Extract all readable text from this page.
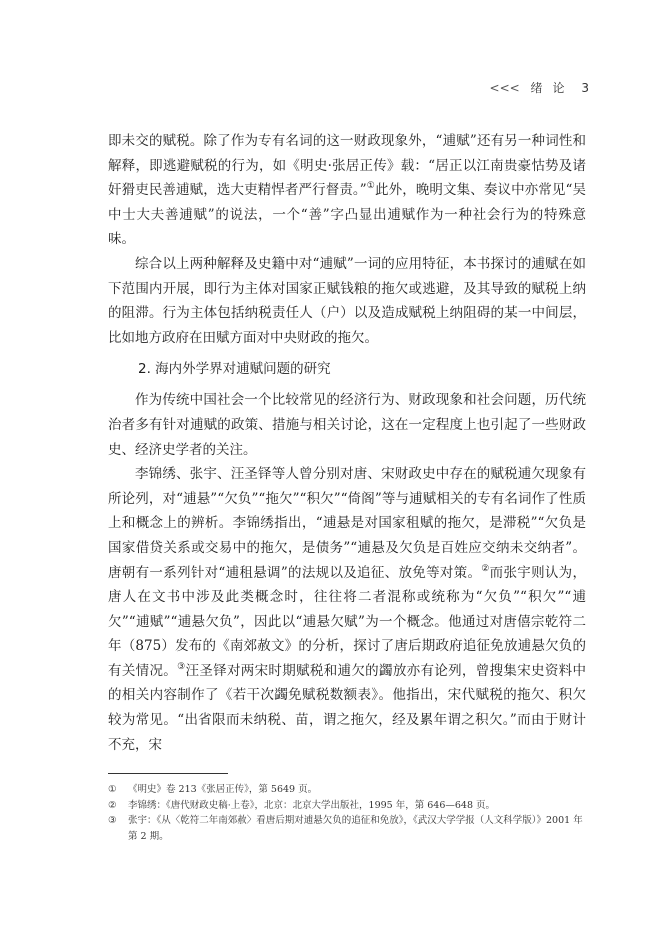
<<< 绪论 3

即未交的赋税。除了作为专有名词的这一财政现象外，“逋赋”还有另一种词性和解释，即逃避赋税的行为，如《明史·张居正传》载：“居正以江南贵豪怙势及诸奸猾吏民善逋赋，选大吏精悍者严行督责。”①此外，晚明文集、奏议中亦常见“吴中士大夫善逋赋”的说法，一个“善”字凸显出逋赋作为一种社会行为的特殊意味。

综合以上两种解释及史籍中对“逋赋”一词的应用特征，本书探讨的逋赋在如下范围内开展，即行为主体对国家正赋钱粮的拖欠或逃避，及其导致的赋税上纳的阻滞。行为主体包括纳税责任人（户）以及造成赋税上纳阻碍的某一中间层，比如地方政府在田赋方面对中央财政的拖欠。

2. 海内外学界对逋赋问题的研究

作为传统中国社会一个比较常见的经济行为、财政现象和社会问题，历代统治者多有针对逋赋的政策、措施与相关讨论，这在一定程度上也引起了一些财政史、经济史学者的关注。

李锦绣、张宇、汪圣铎等人曾分别对唐、宋财政史中存在的赋税逋欠现象有所论列，对“逋悬”“欠负”“拖欠”“积欠”“倚阁”等与逋赋相关的专有名词作了性质上和概念上的辨析。李锦绣指出，“逋悬是对国家租赋的拖欠，是滞税”“欠负是国家借贷关系或交易中的拖欠，是债务”“逋悬及欠负是百姓应交纳未交纳者”。唐朝有一系列针对“逋租悬调”的法规以及追征、放免等对策。②而张宇则认为，唐人在文书中涉及此类概念时，往往将二者混称或统称为“欠负”“积欠”“逋欠”“逋赋”“逋悬欠负”，因此以“逋悬欠赋”为一个概念。他通过对唐僖宗乾符二年（875）发布的《南郊赦文》的分析，探讨了唐后期政府追征免放逋悬欠负的有关情况。③汪圣铎对两宋时期赋税和逋欠的蠲放亦有论列，曾搜集宋史资料中的相关内容制作了《若干次蠲免赋税数额表》。他指出，宋代赋税的拖欠、积欠较为常见。“出省限而未纳税、苗，谓之拖欠，经及累年谓之积欠。”而由于财计不充，宋

①	《明史》卷 213《张居正传》，第 5649 页。
②	李锦绣：《唐代财政史稿·上卷》，北京：北京大学出版社，1995 年，第 646—648 页。
③	张宇：《从〈乾符二年南郊赦〉看唐后期对逋悬欠负的追征和免放》，《武汉大学学报（人文科学版）》2001 年第 2 期。
